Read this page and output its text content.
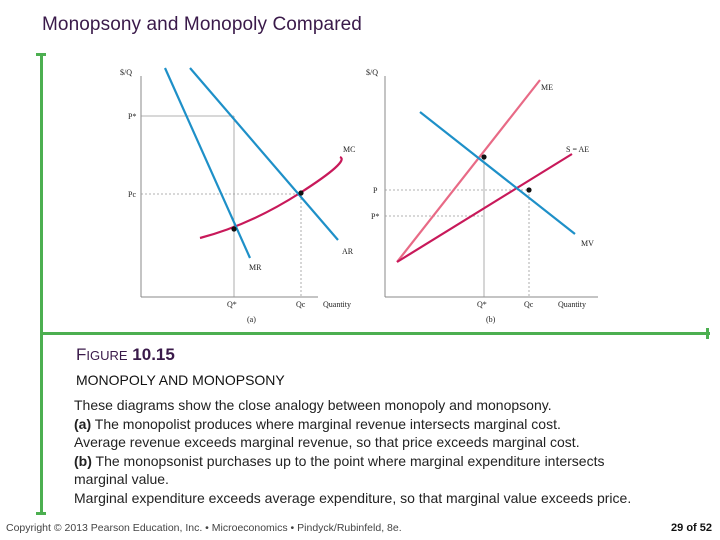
Monopsony and Monopoly Compared
$/Q
Quantity
(a)
P*
Pc
Q*	Qc
MC
AR
MR
$/Q
Quantity
(b)
P
P*
Q*	Qc
ME
S = AE
MV
FIGURE 10.15
MONOPOLY AND MONOPSONY
These diagrams show the close analogy between monopoly and monopsony.
(a) The monopolist produces where marginal revenue intersects marginal cost.
Average revenue exceeds marginal revenue, so that price exceeds marginal cost.
(b) The monopsonist purchases up to the point where marginal expenditure intersects
marginal value.
Marginal expenditure exceeds average expenditure, so that marginal value exceeds price.
Copyright © 2013 Pearson Education, Inc. • Microeconomics • Pindyck/Rubinfeld, 8e.	29 of 52
